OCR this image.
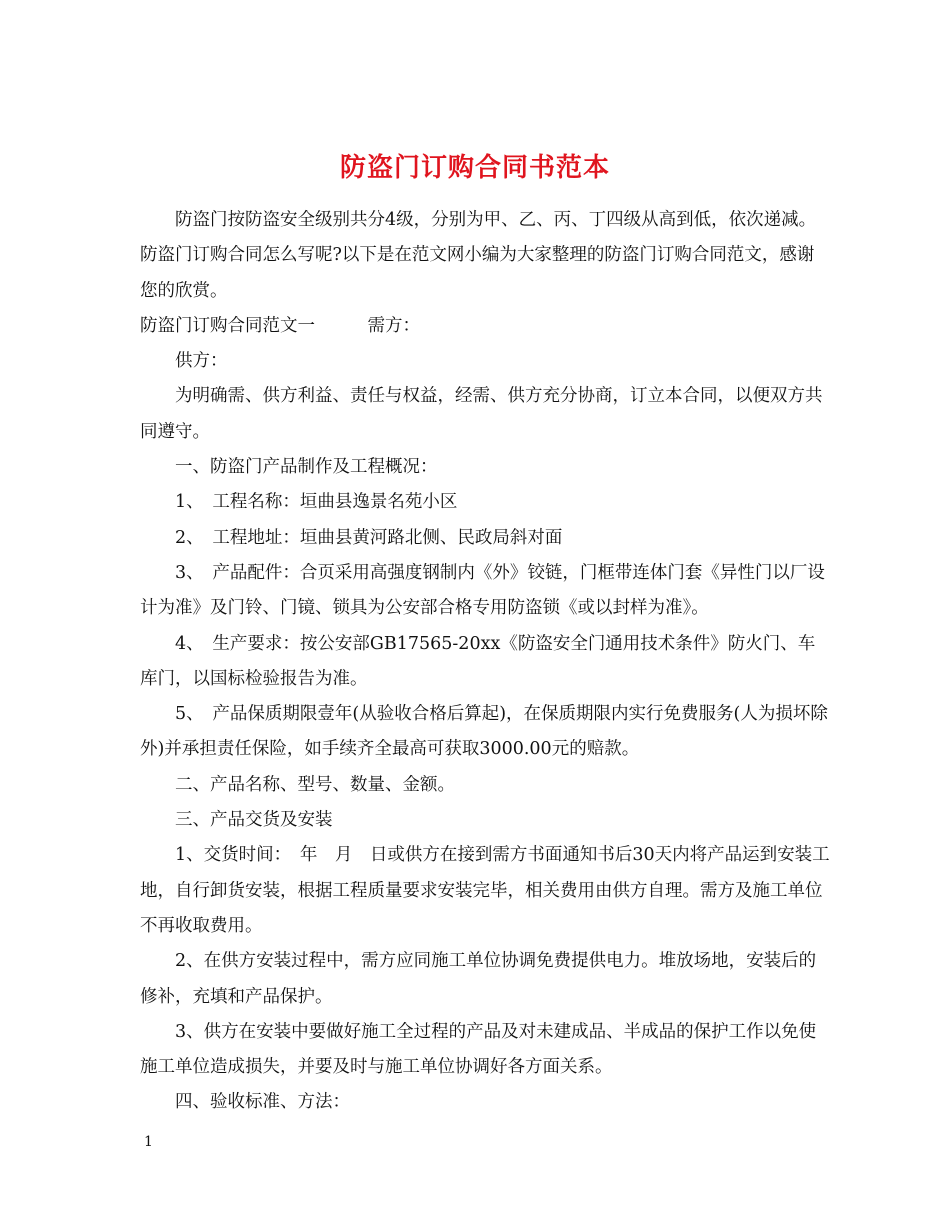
防盗门订购合同书范本

防盗门按防盗安全级别共分4级，分别为甲、乙、丙、丁四级从高到低，依次递减。防盗门订购合同怎么写呢?以下是在范文网小编为大家整理的防盗门订购合同范文，感谢您的欣赏。

防盗门订购合同范文一　　　需方：

供方：

为明确需、供方利益、责任与权益，经需、供方充分协商，订立本合同，以便双方共同遵守。

一、防盗门产品制作及工程概况：

1、　工程名称：垣曲县逸景名苑小区

2、　工程地址：垣曲县黄河路北侧、民政局斜对面

3、　产品配件：合页采用高强度钢制内《外》铰链，门框带连体门套《异性门以厂设计为准》及门铃、门镜、锁具为公安部合格专用防盗锁《或以封样为准》。

4、　生产要求：按公安部GB17565-20xx《防盗安全门通用技术条件》防火门、车库门，以国标检验报告为准。

5、　产品保质期限壹年(从验收合格后算起)，在保质期限内实行免费服务(人为损坏除外)并承担责任保险，如手续齐全最高可获取3000.00元的赔款。

二、产品名称、型号、数量、金额。

三、产品交货及安装

1、交货时间：　年　月　日或供方在接到需方书面通知书后30天内将产品运到安装工地，自行卸货安装，根据工程质量要求安装完毕，相关费用由供方自理。需方及施工单位不再收取费用。

2、在供方安装过程中，需方应同施工单位协调免费提供电力。堆放场地，安装后的修补，充填和产品保护。

3、供方在安装中要做好施工全过程的产品及对未建成品、半成品的保护工作以免使施工单位造成损失，并要及时与施工单位协调好各方面关系。

四、验收标准、方法：

1
